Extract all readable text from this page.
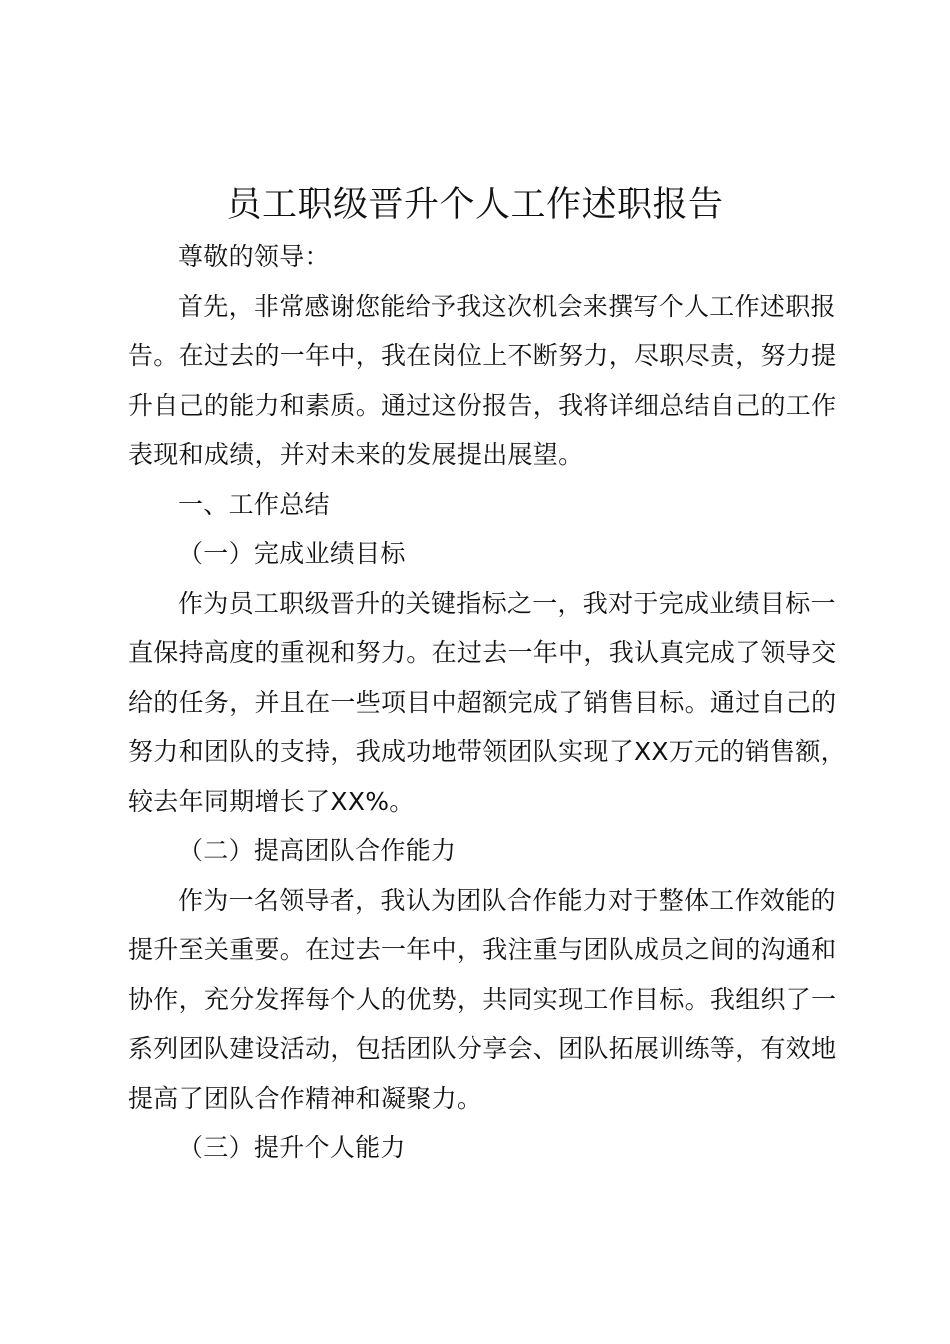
员工职级晋升个人工作述职报告

尊敬的领导：

首先，非常感谢您能给予我这次机会来撰写个人工作述职报告。在过去的一年中，我在岗位上不断努力，尽职尽责，努力提升自己的能力和素质。通过这份报告，我将详细总结自己的工作表现和成绩，并对未来的发展提出展望。

一、工作总结

（一）完成业绩目标

作为员工职级晋升的关键指标之一，我对于完成业绩目标一直保持高度的重视和努力。在过去一年中，我认真完成了领导交给的任务，并且在一些项目中超额完成了销售目标。通过自己的努力和团队的支持，我成功地带领团队实现了XX万元的销售额，较去年同期增长了XX%。

（二）提高团队合作能力

作为一名领导者，我认为团队合作能力对于整体工作效能的提升至关重要。在过去一年中，我注重与团队成员之间的沟通和协作，充分发挥每个人的优势，共同实现工作目标。我组织了一系列团队建设活动，包括团队分享会、团队拓展训练等，有效地提高了团队合作精神和凝聚力。

（三）提升个人能力
